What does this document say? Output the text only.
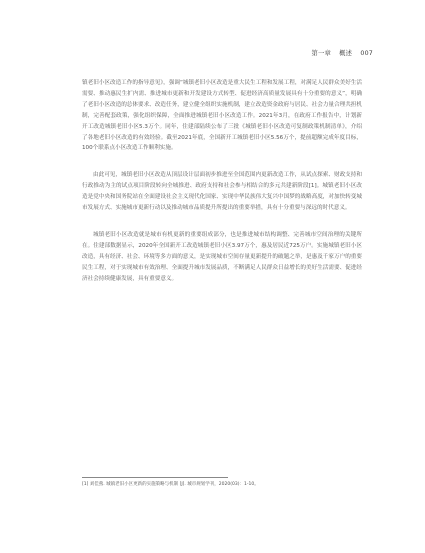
第一章 概述 007

镇老旧小区改造工作的指导意见》，强调“城镇老旧小区改造是重大民生工程和发展工程，对满足人民群众美好生活需要、推动惠民生扩内需、推进城市更新和开发建设方式转型、促进经济高质量发展具有十分重要的意义”，明确了老旧小区改造的总体要求、改造任务，建立健全组织实施机制，建立改造资金政府与居民、社会力量合理共担机制，完善配套政策，强化组织保障，全面推进城镇老旧小区改造工作。2021年3月，在政府工作报告中，计划新开工改造城镇老旧小区5.3万个。同年，住建部陆续公布了三批《城镇老旧小区改造可复制政策机制清单》，介绍了各地老旧小区改造的有效经验。截至2021年底，全国新开工城镇老旧小区5.56万个，提前超额完成年度目标，100个联系点小区改造工作顺利实施。

由此可见，城镇老旧小区改造从顶层设计层面初步推进至全国范围内更新改造工作，从试点探索、财政支持和行政推动为主的试点项目阶段转向全城推进、政府支持和社会参与相结合的多元共建新阶段[1]。城镇老旧小区改造是党中央和国务院站在全面建设社会主义现代化国家、实现中华民族伟大复兴中国梦的战略高度，对加快转变城市发展方式、实施城市更新行动以及推动城市品质提升所提出的重要举措，具有十分重要与深远的时代意义。

城镇老旧小区改造就是城市有机更新的重要组成部分，也是推进城市结构调整、完善城市空间治理的关键所在。住建部数据显示，2020年全国新开工改造城镇老旧小区3.97万个，惠及居民近725万户。实施城镇老旧小区改造，具有经济、社会、环境等多方面的意义，是实现城市空间存量更新提升的破题之举，是惠及千家万户的重要民生工程，对于实现城市有效治理、全面提升城市发展品质，不断满足人民群众日益增长的美好生活需要、促进经济社会持续健康发展，具有重要意义。

[1] 刘佳燕. 城镇老旧小区更新的实施策略与机制 [J]. 城市规划学刊，2020(03)：1-10。
